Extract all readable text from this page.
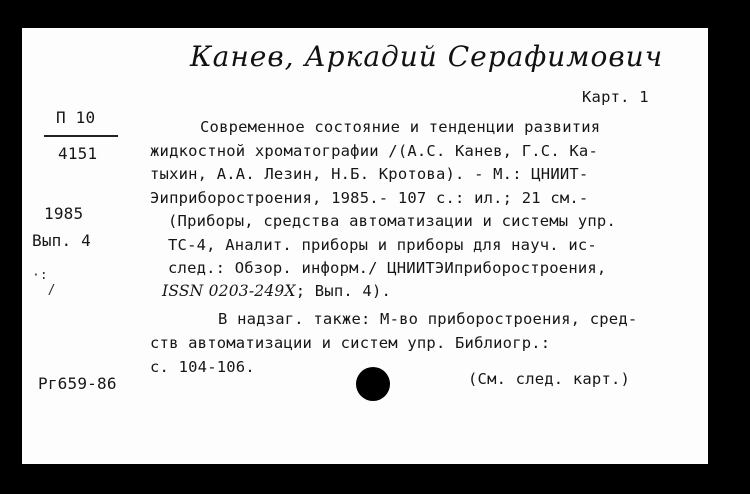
Канев, Аркадий Серафимович
Карт. 1
П 10
4151
1985
Вып. 4
·:
/
Современное состояние и тенденции развития
жидкостной хроматографии /(А.С. Канев, Г.С. Ка-
тыхин, А.А. Лезин, Н.Б. Кротова). - М.: ЦНИИТ-
Эиприборостроения, 1985.- 107 с.: ил.; 21 см.-
(Приборы, средства автоматизации и системы упр.
ТС-4, Аналит. приборы и приборы для науч. ис-
след.: Обзор. информ./ ЦНИИТЭИприборостроения,
ISSN 0203-249X; Вып. 4).
В надзаг. также: М-во приборостроения, сред-
ств автоматизации и систем упр. Библиогр.:
с. 104-106.
Рг659-86	(См. след. карт.)
